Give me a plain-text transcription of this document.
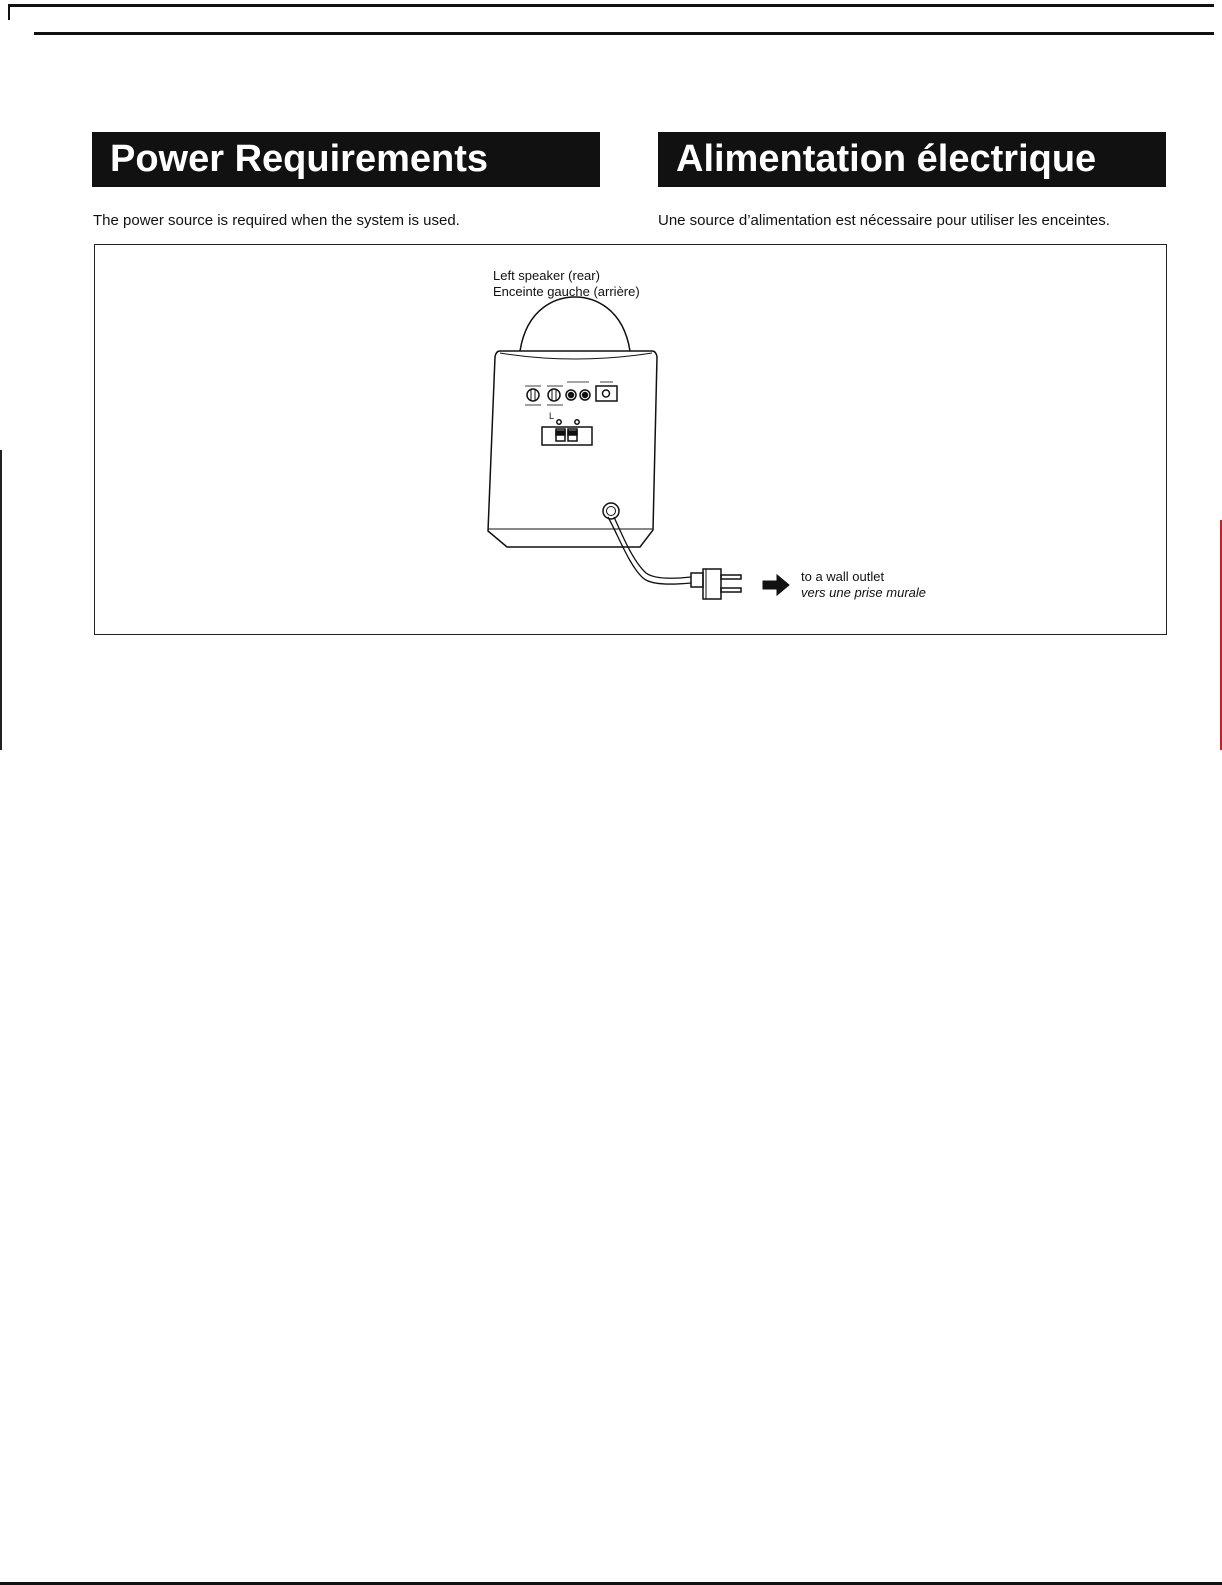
Power Requirements	Alimentation électrique
The power source is required when the system is used.	Une source d’alimentation est nécessaire pour utiliser les enceintes.
Left speaker (rear)
Enceinte gauche (arrière)
L
to a wall outlet
vers une prise murale
